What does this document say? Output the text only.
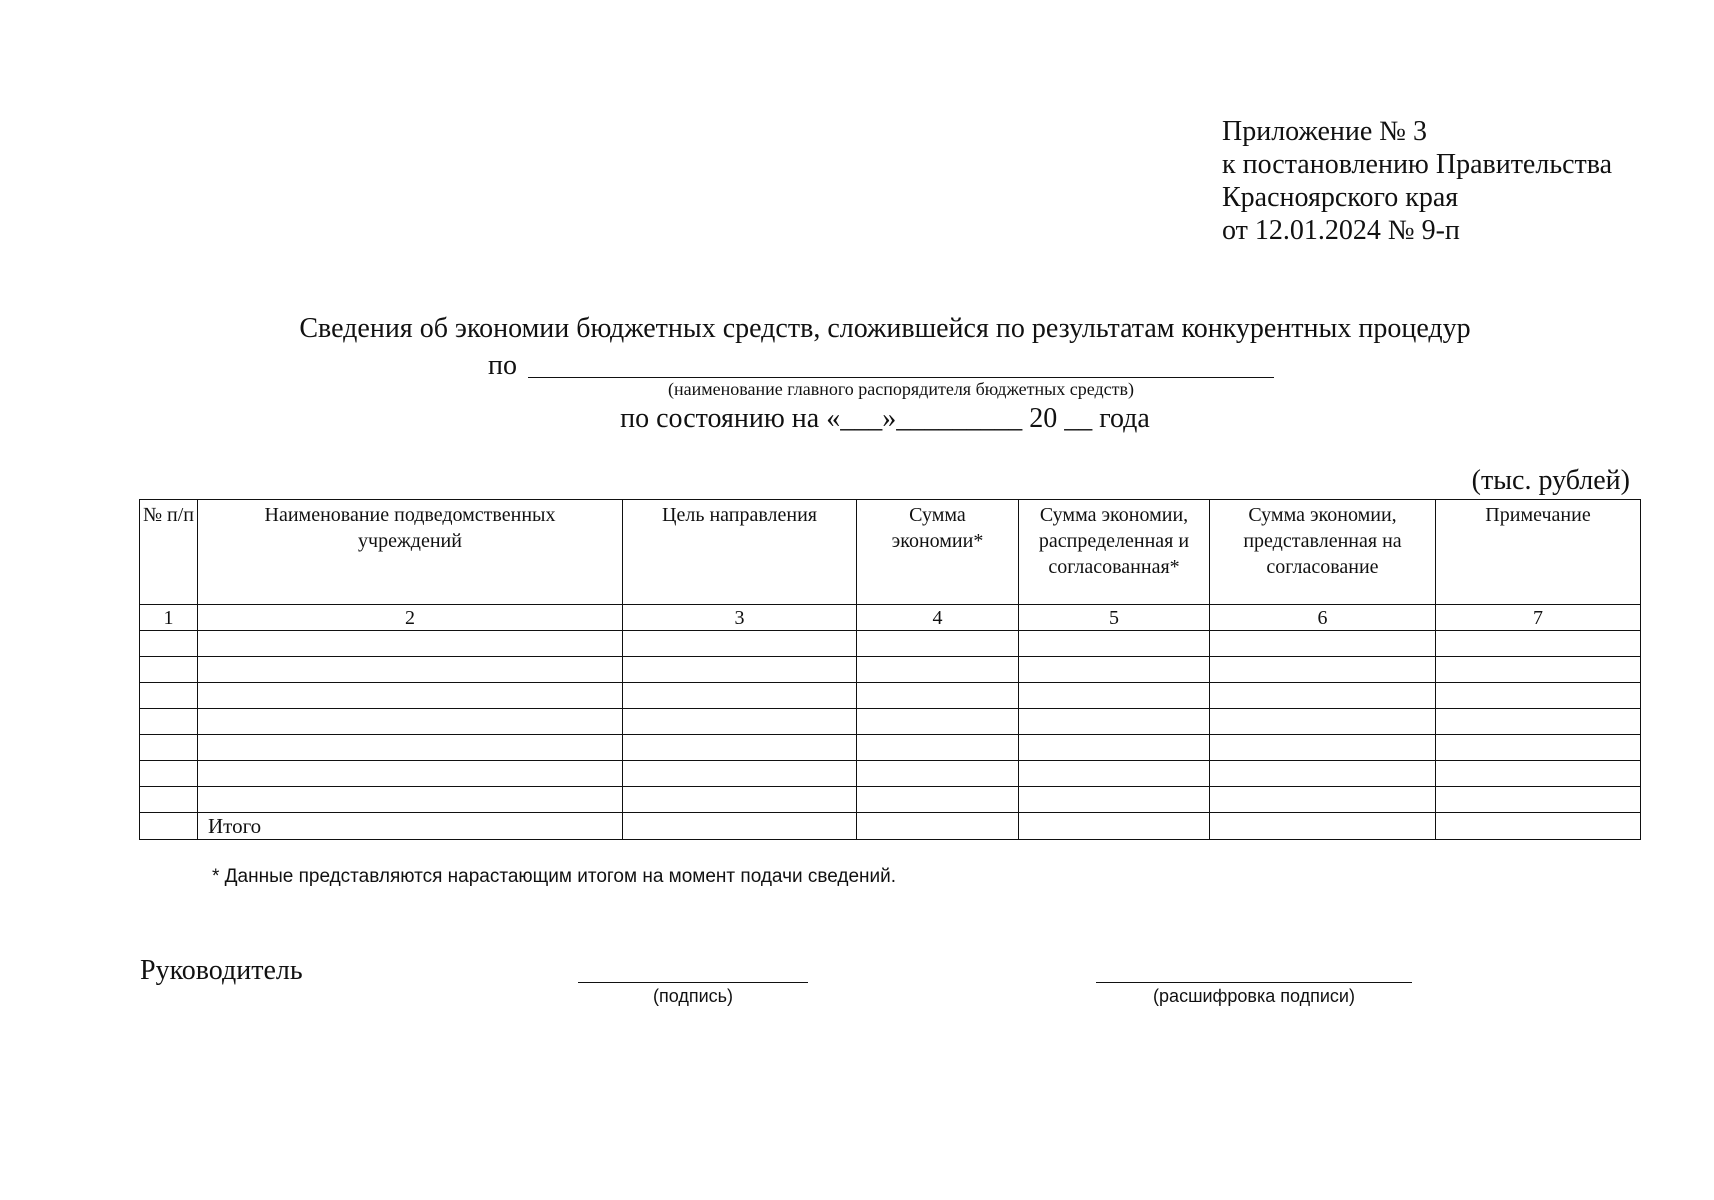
Приложение № 3
к постановлению Правительства
Красноярского края
от 12.01.2024 № 9-п
Сведения об экономии бюджетных средств, сложившейся по результатам конкурентных процедур
по
(наименование главного распорядителя бюджетных средств)
по состоянию на «___»_________ 20 __ года
(тыс. рублей)
№ п/п	Наименование подведомственных учреждений	Цель направления	Сумма экономии*	Сумма экономии, распределенная и согласованная*	Сумма экономии, представленная на согласование	Примечание
1	2	3	4	5	6	7

	Итого					
* Данные представляются нарастающим итогом на момент подачи сведений.
Руководитель
(подпись)	(расшифровка подписи)
